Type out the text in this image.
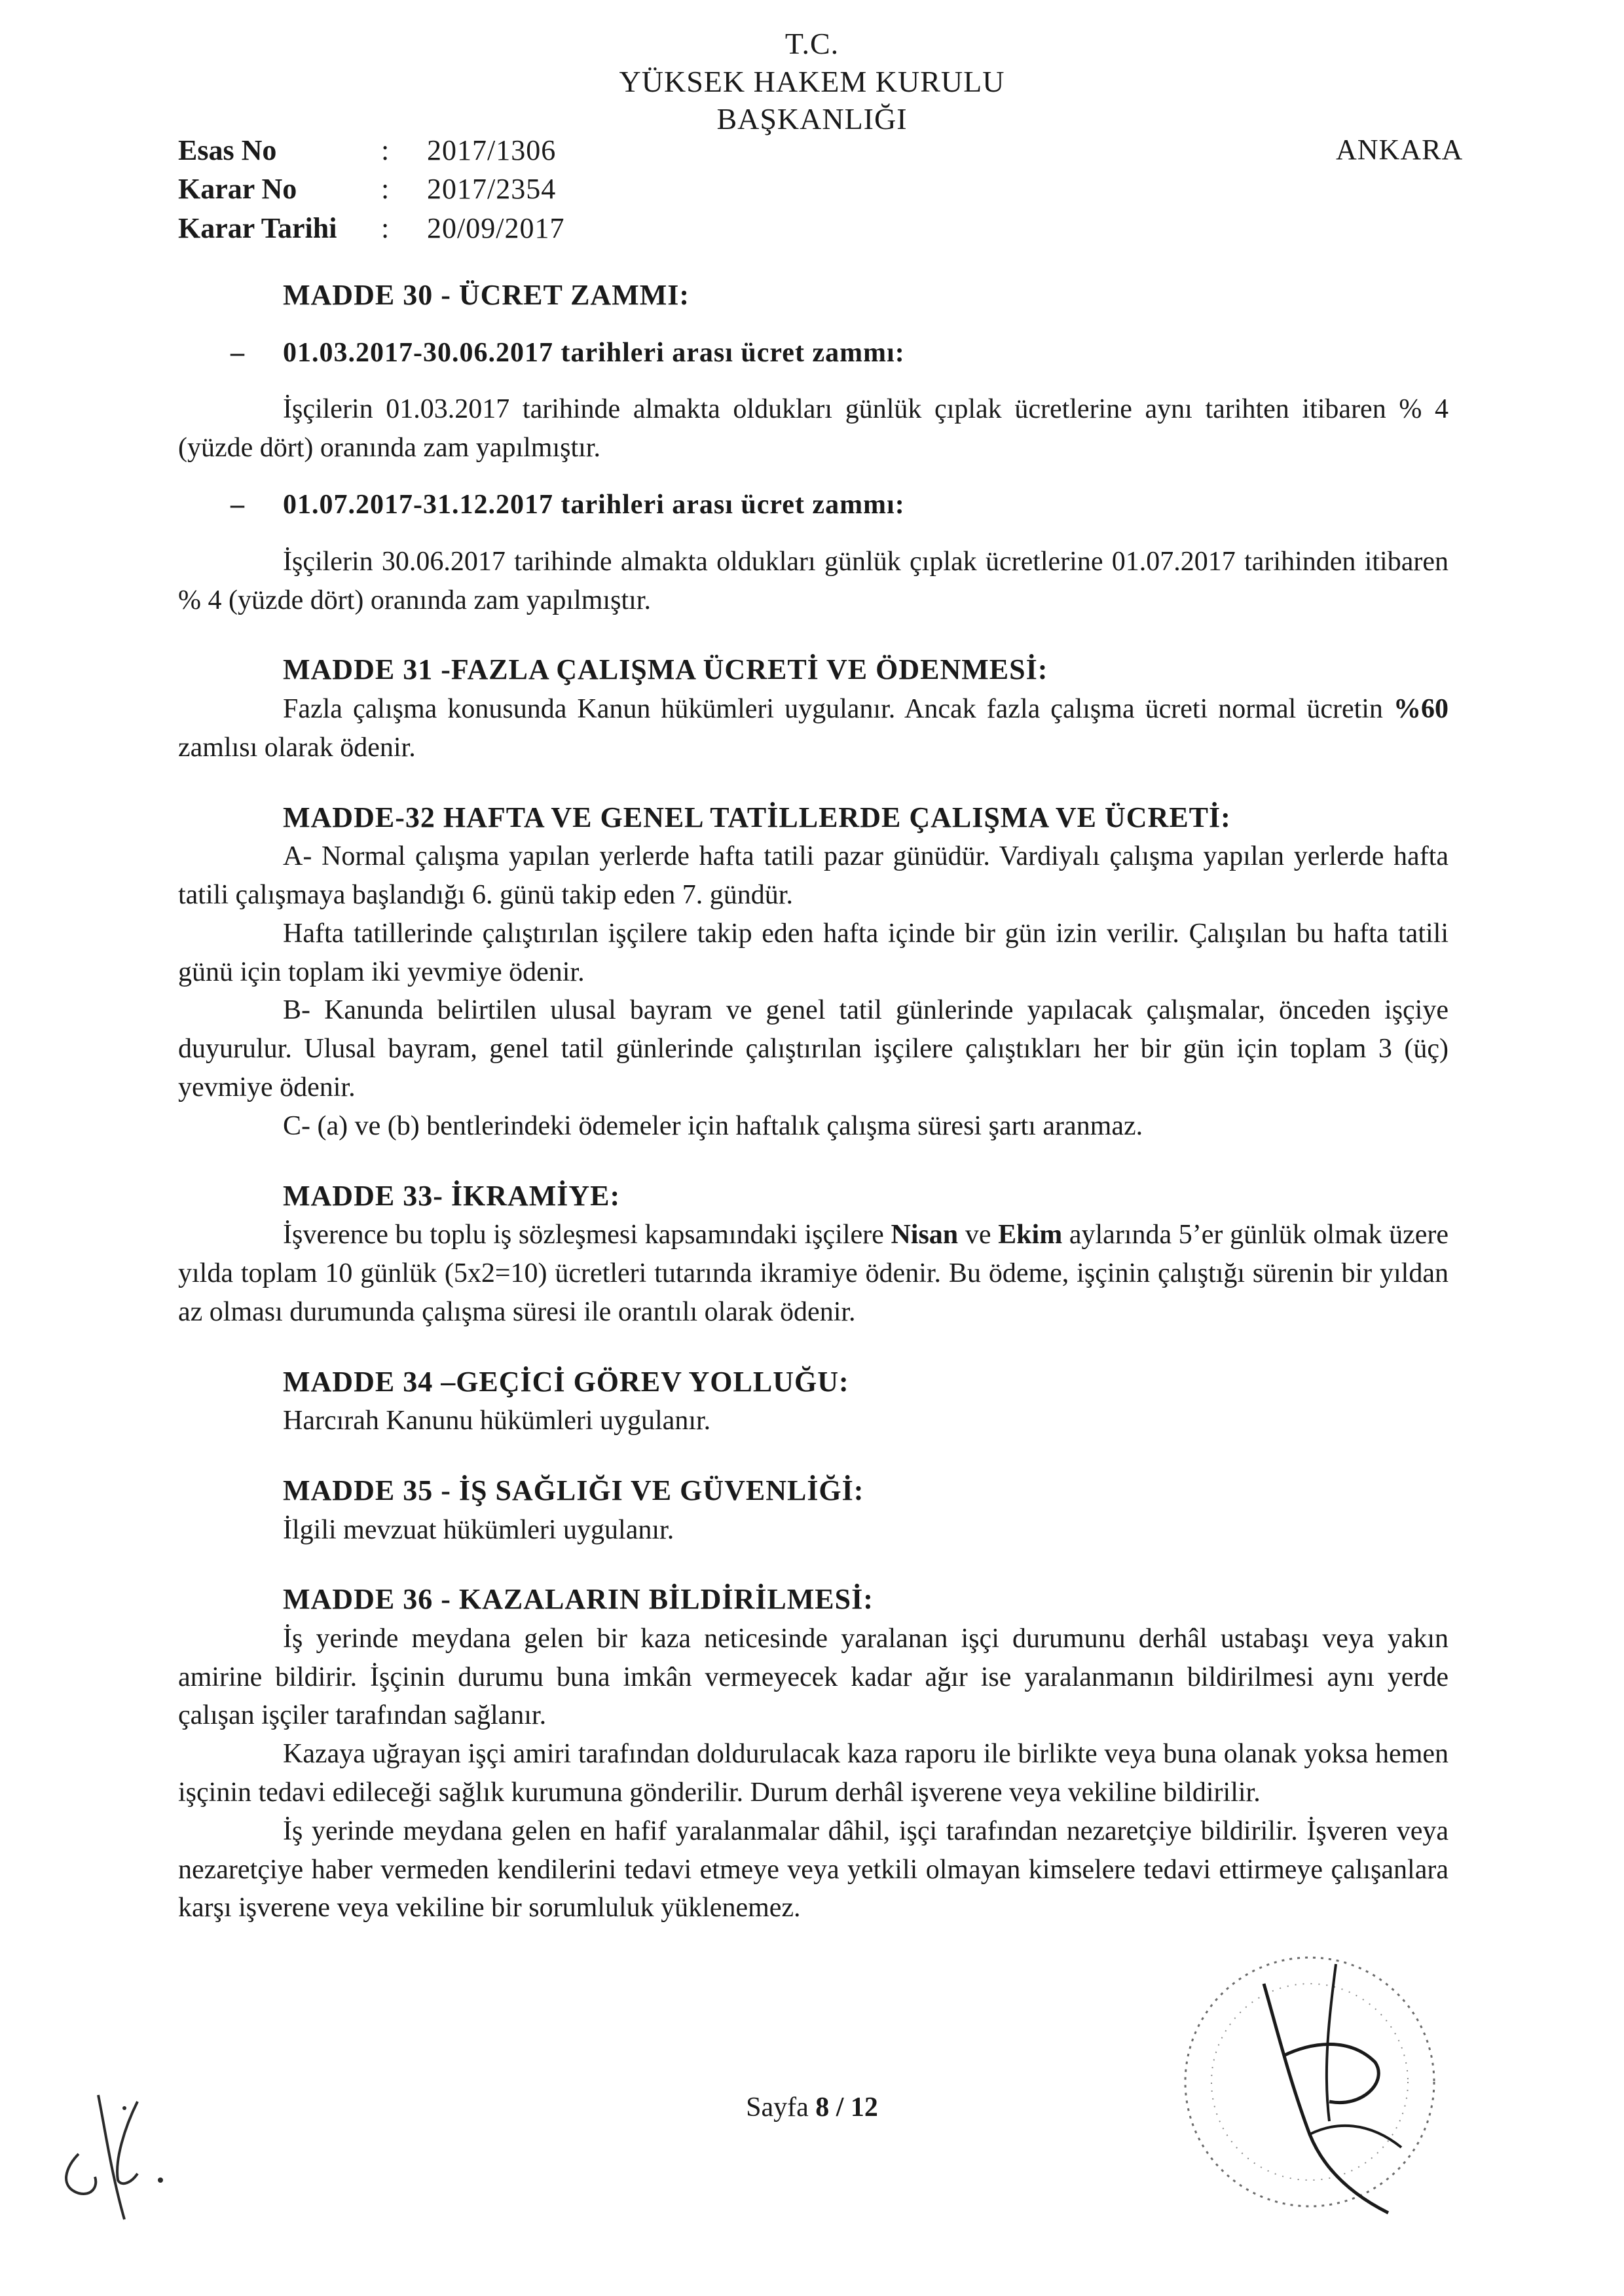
T.C.
YÜKSEK HAKEM KURULU
BAŞKANLIĞI
ANKARA
Esas No	:	2017/1306
Karar No	:	2017/2354
Karar Tarihi	:	20/09/2017
MADDE 30 - ÜCRET ZAMMI:
–	01.03.2017-30.06.2017 tarihleri arası ücret zammı:

İşçilerin 01.03.2017 tarihinde almakta oldukları günlük çıplak ücretlerine aynı tarihten itibaren % 4 (yüzde dört) oranında zam yapılmıştır.

–	01.07.2017-31.12.2017 tarihleri arası ücret zammı:

İşçilerin 30.06.2017 tarihinde almakta oldukları günlük çıplak ücretlerine 01.07.2017 tarihinden itibaren % 4 (yüzde dört) oranında zam yapılmıştır.

MADDE 31 -FAZLA ÇALIŞMA ÜCRETİ VE ÖDENMESİ:

Fazla çalışma konusunda Kanun hükümleri uygulanır. Ancak fazla çalışma ücreti normal ücretin %60 zamlısı olarak ödenir.

MADDE-32 HAFTA VE GENEL TATİLLERDE ÇALIŞMA VE ÜCRETİ:

A- Normal çalışma yapılan yerlerde hafta tatili pazar günüdür. Vardiyalı çalışma yapılan yerlerde hafta tatili çalışmaya başlandığı 6. günü takip eden 7. gündür.

Hafta tatillerinde çalıştırılan işçilere takip eden hafta içinde bir gün izin verilir. Çalışılan bu hafta tatili günü için toplam iki yevmiye ödenir.

B- Kanunda belirtilen ulusal bayram ve genel tatil günlerinde yapılacak çalışmalar, önceden işçiye duyurulur. Ulusal bayram, genel tatil günlerinde çalıştırılan işçilere çalıştıkları her bir gün için toplam 3 (üç) yevmiye ödenir.

C- (a) ve (b) bentlerindeki ödemeler için haftalık çalışma süresi şartı aranmaz.

MADDE 33- İKRAMİYE:

İşverence bu toplu iş sözleşmesi kapsamındaki işçilere Nisan ve Ekim aylarında 5’er günlük olmak üzere yılda toplam 10 günlük (5x2=10) ücretleri tutarında ikramiye ödenir. Bu ödeme, işçinin çalıştığı sürenin bir yıldan az olması durumunda çalışma süresi ile orantılı olarak ödenir.

MADDE 34 –GEÇİCİ GÖREV YOLLUĞU:

Harcırah Kanunu hükümleri uygulanır.

MADDE 35 - İŞ SAĞLIĞI VE GÜVENLİĞİ:

İlgili mevzuat hükümleri uygulanır.

MADDE 36 - KAZALARIN BİLDİRİLMESİ:

İş yerinde meydana gelen bir kaza neticesinde yaralanan işçi durumunu derhâl ustabaşı veya yakın amirine bildirir. İşçinin durumu buna imkân vermeyecek kadar ağır ise yaralanmanın bildirilmesi aynı yerde çalışan işçiler tarafından sağlanır.

Kazaya uğrayan işçi amiri tarafından doldurulacak kaza raporu ile birlikte veya buna olanak yoksa hemen işçinin tedavi edileceği sağlık kurumuna gönderilir. Durum derhâl işverene veya vekiline bildirilir.

İş yerinde meydana gelen en hafif yaralanmalar dâhil, işçi tarafından nezaretçiye bildirilir. İşveren veya nezaretçiye haber vermeden kendilerini tedavi etmeye veya yetkili olmayan kimselere tedavi ettirmeye çalışanlara karşı işverene veya vekiline bir sorumluluk yüklenemez.

Sayfa 8 / 12
